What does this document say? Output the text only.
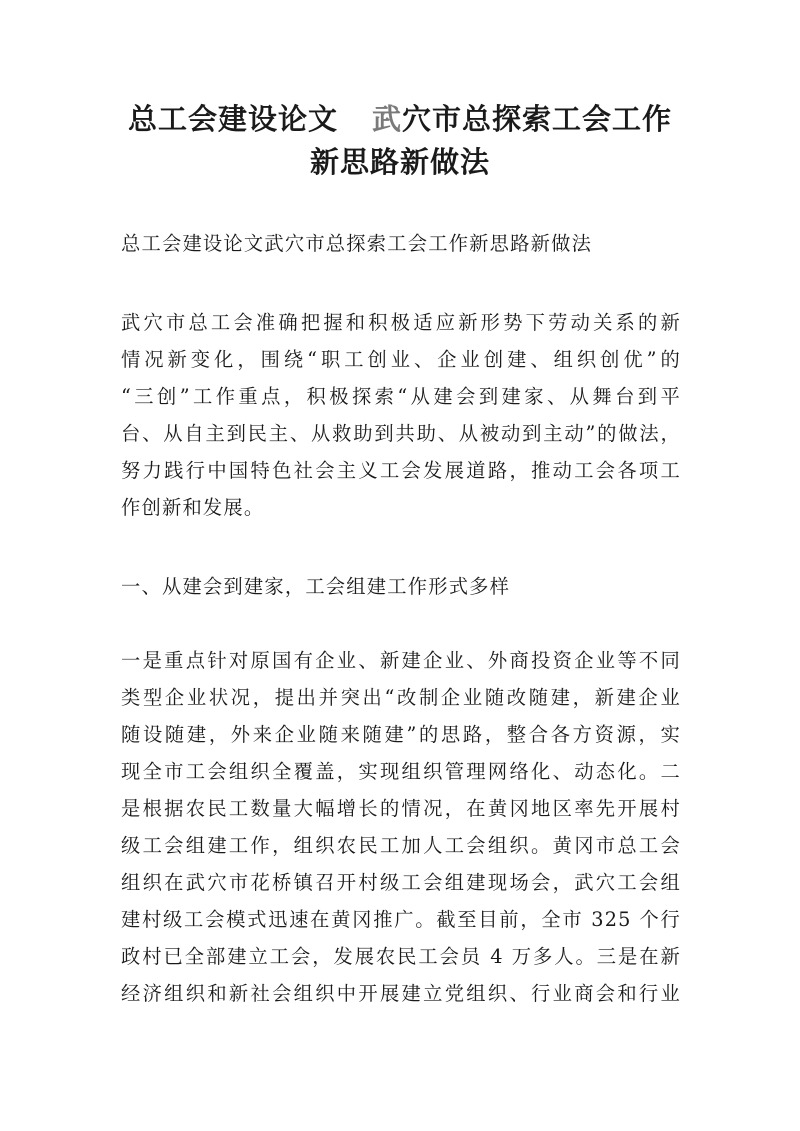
总工会建设论文 武穴市总探索工会工作
新思路新做法

总工会建设论文武穴市总探索工会工作新思路新做法

武穴市总工会准确把握和积极适应新形势下劳动关系的新

情况新变化，围绕“职工创业、企业创建、组织创优”的

“三创”工作重点，积极探索“从建会到建家、从舞台到平

台、从自主到民主、从救助到共助、从被动到主动”的做法，

努力践行中国特色社会主义工会发展道路，推动工会各项工

作创新和发展。

一、从建会到建家，工会组建工作形式多样

一是重点针对原国有企业、新建企业、外商投资企业等不同

类型企业状况，提出并突出“改制企业随改随建，新建企业

随设随建，外来企业随来随建”的思路，整合各方资源，实

现全市工会组织全覆盖，实现组织管理网络化、动态化。二

是根据农民工数量大幅增长的情况，在黄冈地区率先开展村

级工会组建工作，组织农民工加人工会组织。黄冈市总工会

组织在武穴市花桥镇召开村级工会组建现场会，武穴工会组

建村级工会模式迅速在黄冈推广。截至目前，全市 325 个行

政村已全部建立工会，发展农民工会员 4 万多人。三是在新

经济组织和新社会组织中开展建立党组织、行业商会和行业
